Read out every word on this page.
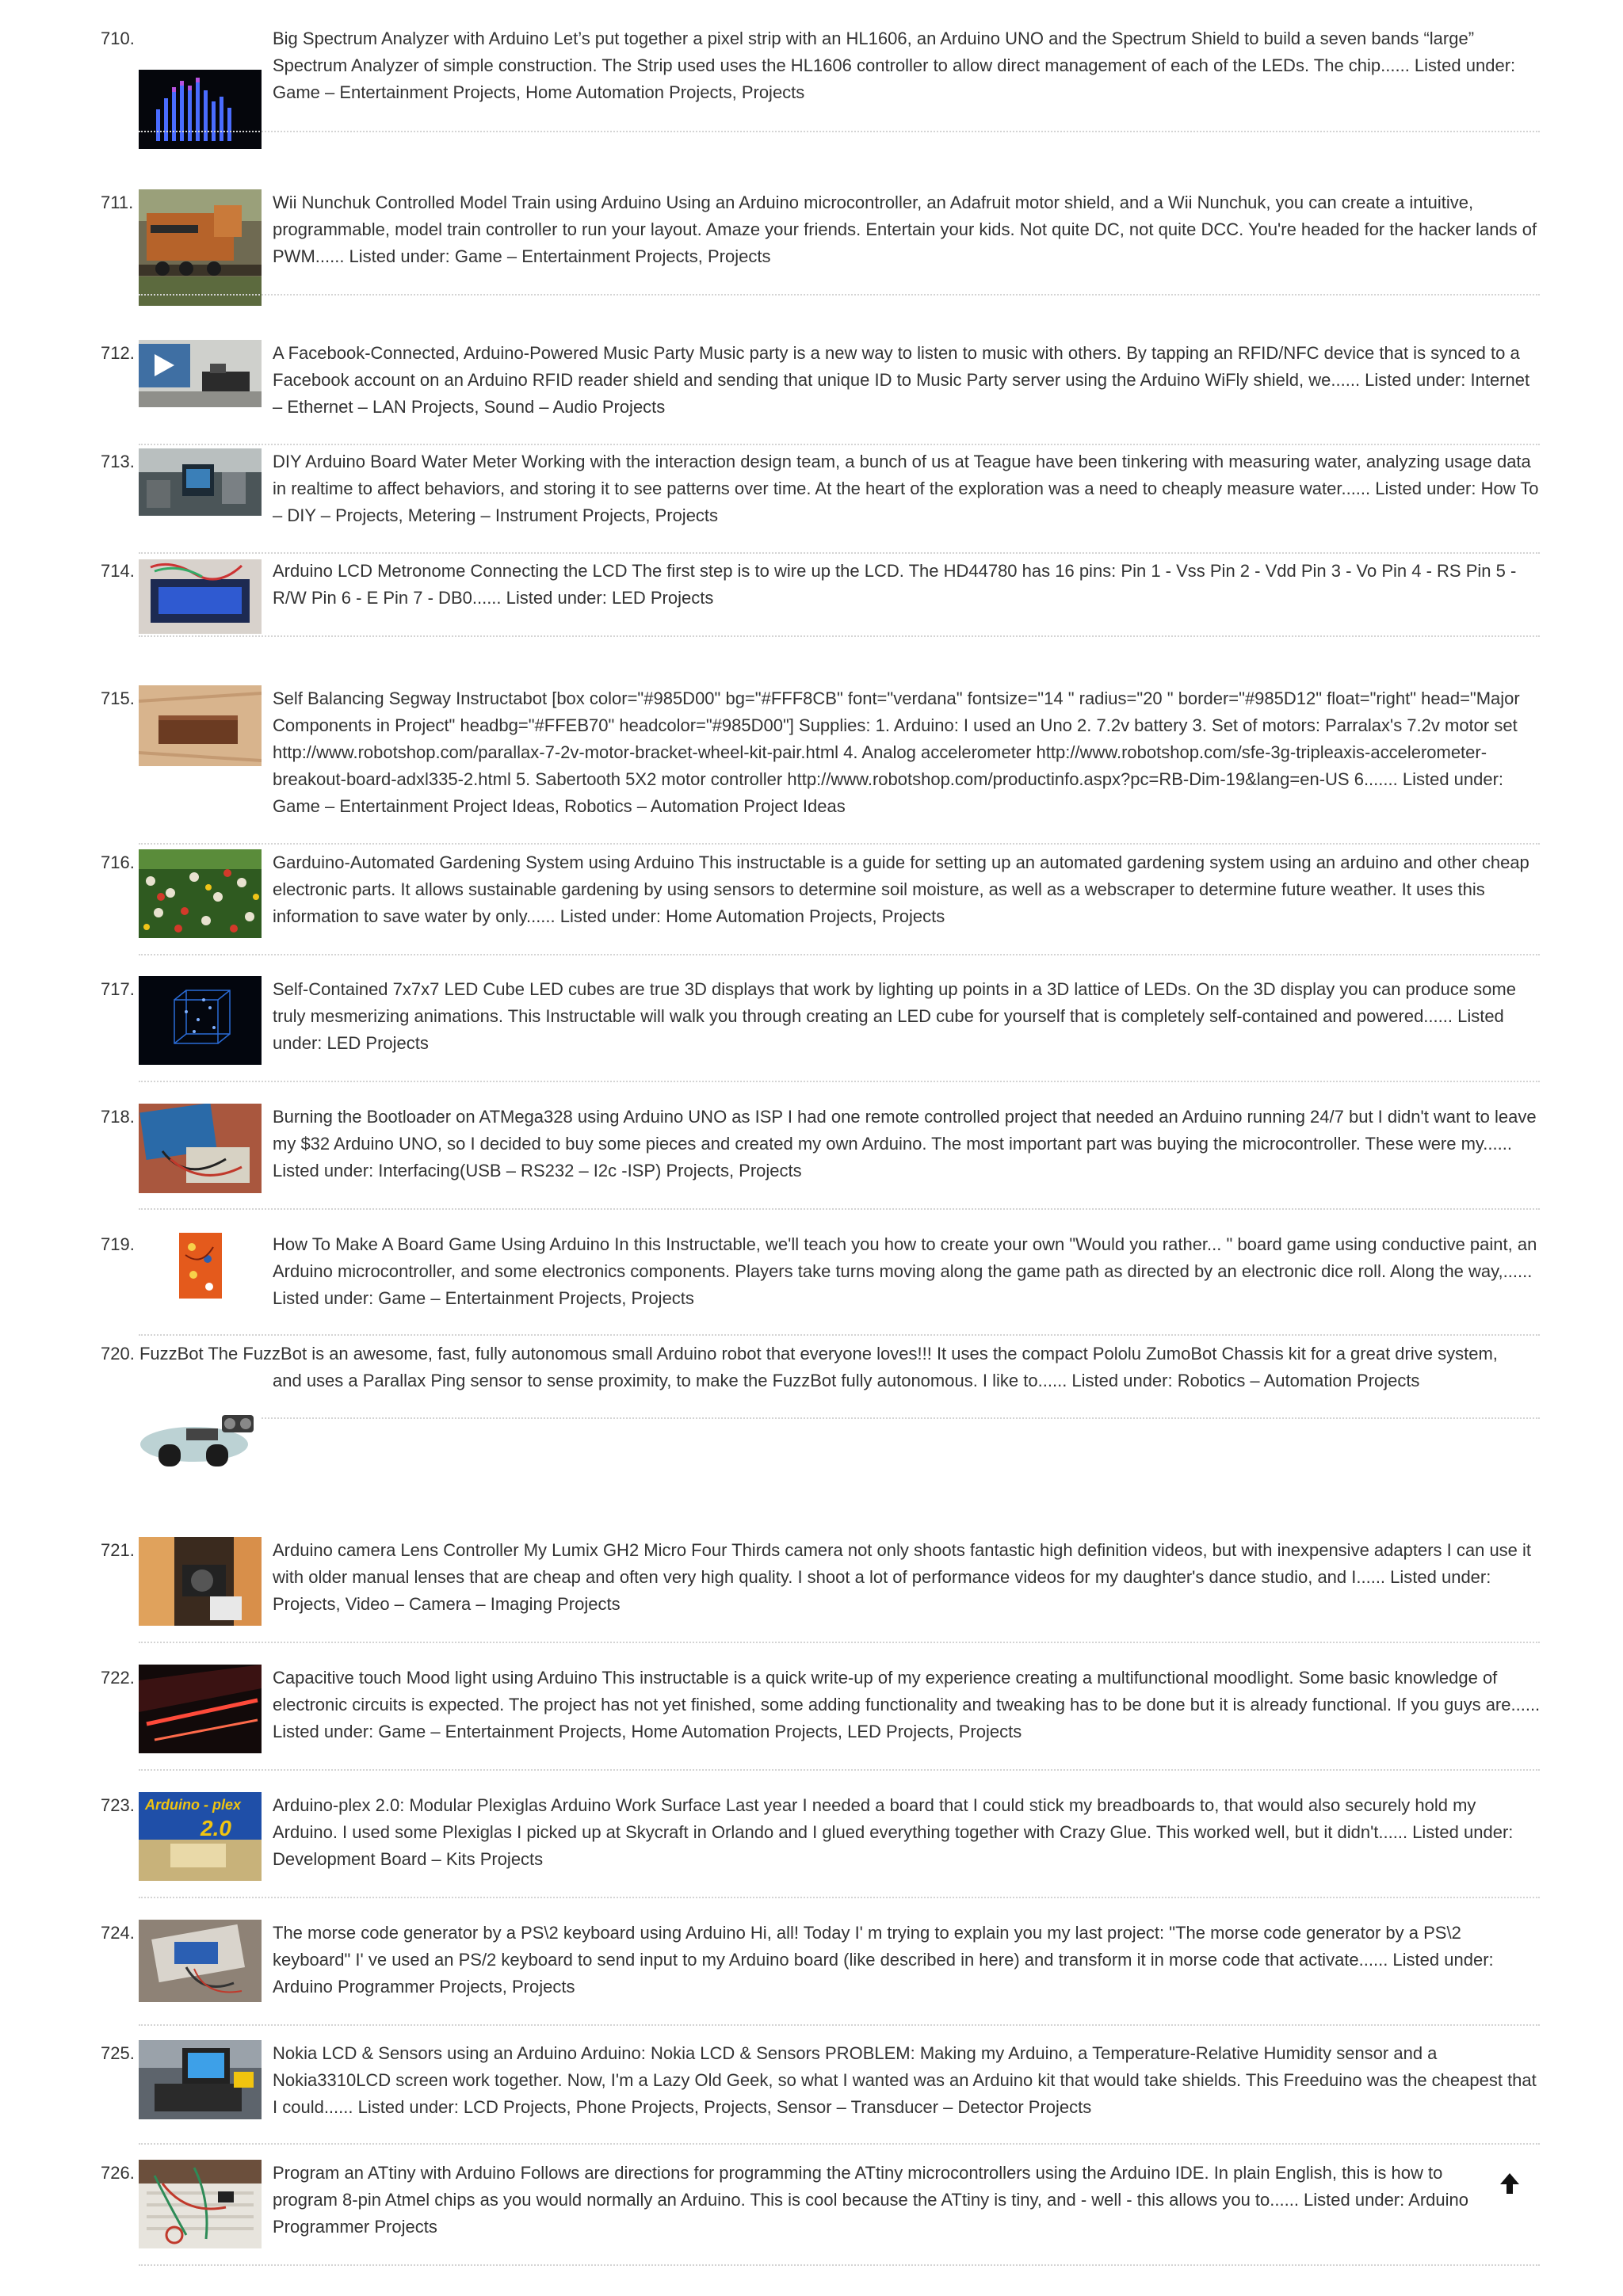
710.	Big Spectrum Analyzer with Arduino Let’s put together a pixel strip with an HL1606, an Arduino UNO and the Spectrum Shield to build a seven bands “large” Spectrum Analyzer of simple construction. The Strip used uses the HL1606 controller to allow direct management of each of the LEDs. The chip...... Listed under: Game – Entertainment Projects, Home Automation Projects, Projects
711.	Wii Nunchuk Controlled Model Train using Arduino Using an Arduino microcontroller, an Adafruit motor shield, and a Wii Nunchuk, you can create a intuitive, programmable, model train controller to run your layout. Amaze your friends. Entertain your kids. Not quite DC, not quite DCC. You're headed for the hacker lands of PWM...... Listed under: Game – Entertainment Projects, Projects
712.	A Facebook-Connected, Arduino-Powered Music Party Music party is a new way to listen to music with others. By tapping an RFID/NFC device that is synced to a Facebook account on an Arduino RFID reader shield and sending that unique ID to Music Party server using the Arduino WiFly shield, we...... Listed under: Internet – Ethernet – LAN Projects, Sound – Audio Projects
713.	DIY Arduino Board Water Meter Working with the interaction design team, a bunch of us at Teague have been tinkering with measuring water, analyzing usage data in realtime to affect behaviors, and storing it to see patterns over time. At the heart of the exploration was a need to cheaply measure water...... Listed under: How To – DIY – Projects, Metering – Instrument Projects, Projects
714.	Arduino LCD Metronome Connecting the LCD The first step is to wire up the LCD. The HD44780 has 16 pins: Pin 1 - Vss Pin 2 - Vdd Pin 3 - Vo Pin 4 - RS Pin 5 - R/W Pin 6 - E Pin 7 - DB0...... Listed under: LED Projects
715.	Self Balancing Segway Instructabot [box color="#985D00" bg="#FFF8CB" font="verdana" fontsize="14 " radius="20 " border="#985D12" float="right" head="Major Components in Project" headbg="#FFEB70" headcolor="#985D00"] Supplies: 1. Arduino: I used an Uno 2. 7.2v battery 3. Set of motors: Parralax's 7.2v motor set http://www.robotshop.com/parallax-7-2v-motor-bracket-wheel-kit-pair.html 4. Analog accelerometer http://www.robotshop.com/sfe-3g-tripleaxis-accelerometer-breakout-board-adxl335-2.html 5. Sabertooth 5X2 motor controller http://www.robotshop.com/productinfo.aspx?pc=RB-Dim-19&lang=en-US 6....... Listed under: Game – Entertainment Project Ideas, Robotics – Automation Project Ideas
716.	Garduino-Automated Gardening System using Arduino This instructable is a guide for setting up an automated gardening system using an arduino and other cheap electronic parts. It allows sustainable gardening by using sensors to determine soil moisture, as well as a webscraper to determine future weather. It uses this information to save water by only...... Listed under: Home Automation Projects, Projects
717.	Self-Contained 7x7x7 LED Cube LED cubes are true 3D displays that work by lighting up points in a 3D lattice of LEDs. On the 3D display you can produce some truly mesmerizing animations. This Instructable will walk you through creating an LED cube for yourself that is completely self-contained and powered...... Listed under: LED Projects
718.	Burning the Bootloader on ATMega328 using Arduino UNO as ISP I had one remote controlled project that needed an Arduino running 24/7 but I didn't want to leave my $32 Arduino UNO, so I decided to buy some pieces and created my own Arduino. The most important part was buying the microcontroller. These were my...... Listed under: Interfacing(USB – RS232 – I2c -ISP) Projects, Projects
719.	How To Make A Board Game Using Arduino In this Instructable, we'll teach you how to create your own "Would you rather... " board game using conductive paint, an Arduino microcontroller, and some electronics components. Players take turns moving along the game path as directed by an electronic dice roll. Along the way,...... Listed under: Game – Entertainment Projects, Projects
720. FuzzBot The FuzzBot is an awesome, fast, fully autonomous small Arduino robot that everyone loves!!! It uses the compact Pololu ZumoBot Chassis kit for a great drive system,
and uses a Parallax Ping sensor to sense proximity, to make the FuzzBot fully autonomous. I like to...... Listed under: Robotics – Automation Projects
721.	Arduino camera Lens Controller My Lumix GH2 Micro Four Thirds camera not only shoots fantastic high definition videos, but with inexpensive adapters I can use it with older manual lenses that are cheap and often very high quality. I shoot a lot of performance videos for my daughter's dance studio, and I...... Listed under: Projects, Video – Camera – Imaging Projects
722.	Capacitive touch Mood light using Arduino This instructable is a quick write-up of my experience creating a multifunctional moodlight. Some basic knowledge of electronic circuits is expected. The project has not yet finished, some adding functionality and tweaking has to be done but it is already functional. If you guys are...... Listed under: Game – Entertainment Projects, Home Automation Projects, LED Projects, Projects
723. Arduino - plex
2.0
Arduino-plex 2.0: Modular Plexiglas Arduino Work Surface Last year I needed a board that I could stick my breadboards to, that would also securely hold my Arduino. I used some Plexiglas I picked up at Skycraft in Orlando and I glued everything together with Crazy Glue. This worked well, but it didn't...... Listed under: Development Board – Kits Projects
724.	The morse code generator by a PS\2 keyboard using Arduino Hi, all! Today I' m trying to explain you my last project: "The morse code generator by a PS\2 keyboard" I' ve used an PS/2 keyboard to send input to my Arduino board (like described in here) and transform it in morse code that activate...... Listed under: Arduino Programmer Projects, Projects
725.	Nokia LCD & Sensors using an Arduino Arduino: Nokia LCD & Sensors PROBLEM: Making my Arduino, a Temperature-Relative Humidity sensor and a Nokia3310LCD screen work together. Now, I'm a Lazy Old Geek, so what I wanted was an Arduino kit that would take shields. This Freeduino was the cheapest that I could...... Listed under: LCD Projects, Phone Projects, Projects, Sensor – Transducer – Detector Projects
726.	Program an ATtiny with Arduino Follows are directions for programming the ATtiny microcontrollers using the Arduino IDE. In plain English, this is how to program 8-pin Atmel chips as you would normally an Arduino. This is cool because the ATtiny is tiny, and - well - this allows you to...... Listed under: Arduino Programmer Projects
